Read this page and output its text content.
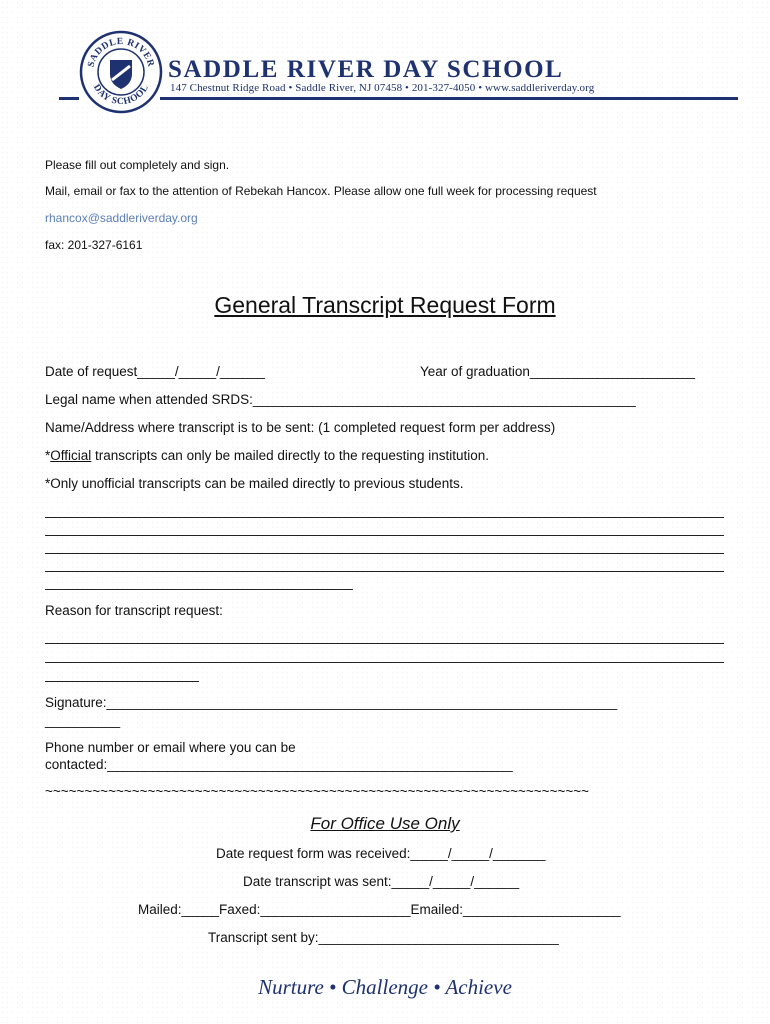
SADDLE RIVER
DAY SCHOOL
SADDLE RIVER DAY SCHOOL
147 Chestnut Ridge Road • Saddle River, NJ 07458 • 201-327-4050 • www.saddleriverday.org
Please fill out completely and sign.
Mail, email or fax to the attention of Rebekah Hancox. Please allow one full week for processing request
rhancox@saddleriverday.org
fax: 201-327-6161
General Transcript Request Form
Date of request_____/_____/______	Year of graduation______________________
Legal name when attended SRDS:___________________________________________________
Name/Address where transcript is to be sent: (1 completed request form per address)
*Official transcripts can only be mailed directly to the requesting institution.
*Only unofficial transcripts can be mailed directly to previous students.
Reason for transcript request:
Signature:____________________________________________________________________
__________
Phone number or email where you can be
contacted:______________________________________________________
~~~~~~~~~~~~~~~~~~~~~~~~~~~~~~~~~~~~~~~~~~~~~~~~~~~~~~~~~~~~~~~~~~~~~
For Office Use Only
Date request form was received:_____/_____/_______
Date transcript was sent:_____/_____/______
Mailed:_____Faxed:____________________Emailed:_____________________
Transcript sent by:________________________________
Nurture • Challenge • Achieve
